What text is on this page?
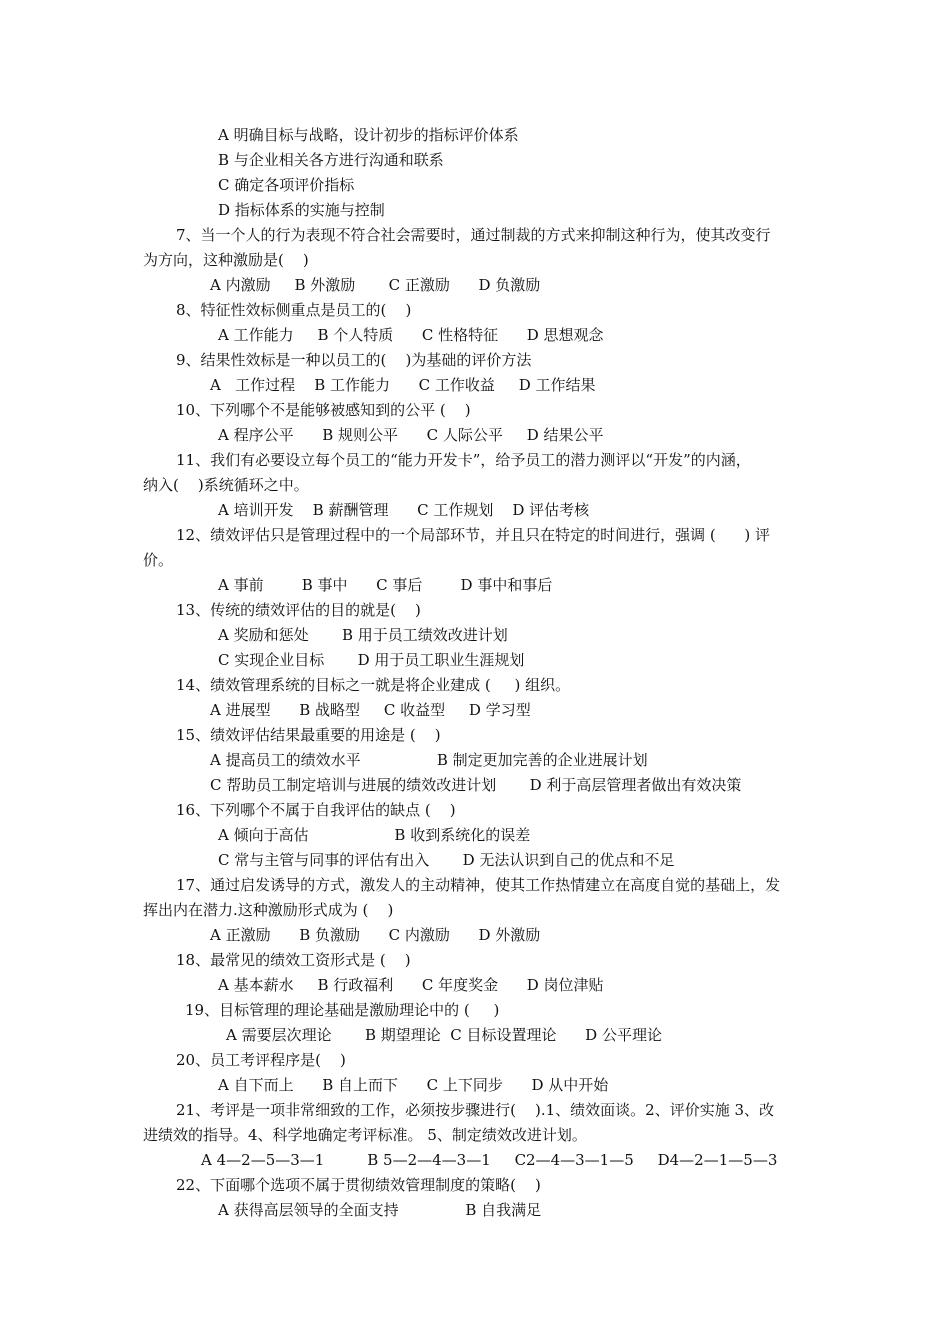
A 明确目标与战略，设计初步的指标评价体系
B 与企业相关各方进行沟通和联系
C 确定各项评价指标
D 指标体系的实施与控制
7、当一个人的行为表现不符合社会需要时，通过制裁的方式来抑制这种行为，使其改变行
为方向，这种激励是(    )
A 内激励     B 外激励       C 正激励      D 负激励
8、特征性效标侧重点是员工的(    )
A 工作能力     B 个人特质      C 性格特征      D 思想观念
9、结果性效标是一种以员工的(    )为基础的评价方法
A   工作过程    B 工作能力      C 工作收益     D 工作结果
10、下列哪个不是能够被感知到的公平 (    )
A 程序公平      B 规则公平      C 人际公平     D 结果公平
11、我们有必要设立每个员工的“能力开发卡”，给予员工的潜力测评以“开发”的内涵，
纳入(    )系统循环之中。
A 培训开发    B 薪酬管理      C 工作规划    D 评估考核
12、绩效评估只是管理过程中的一个局部环节，并且只在特定的时间进行，强调 (      ) 评
价。
A 事前        B 事中      C 事后        D 事中和事后
13、传统的绩效评估的目的就是(    )
A 奖励和惩处       B 用于员工绩效改进计划
C 实现企业目标       D 用于员工职业生涯规划
14、绩效管理系统的目标之一就是将企业建成 (     ) 组织。
A 进展型      B 战略型     C 收益型     D 学习型
15、绩效评估结果最重要的用途是 (    )
A 提高员工的绩效水平                B 制定更加完善的企业进展计划
C 帮助员工制定培训与进展的绩效改进计划       D 利于高层管理者做出有效决策
16、下列哪个不属于自我评估的缺点 (    )
A 倾向于高估                  B 收到系统化的误差
C 常与主管与同事的评估有出入       D 无法认识到自己的优点和不足
17、通过启发诱导的方式，激发人的主动精神，使其工作热情建立在高度自觉的基础上，发
挥出内在潜力.这种激励形式成为 (    )
A 正激励      B 负激励      C 内激励      D 外激励
18、最常见的绩效工资形式是 (    )
A 基本薪水     B 行政福利      C 年度奖金      D 岗位津贴
19、目标管理的理论基础是激励理论中的 (     )
A 需要层次理论       B 期望理论  C 目标设置理论      D 公平理论
20、员工考评程序是(    )
A 自下而上      B 自上而下      C 上下同步      D 从中开始
21、考评是一项非常细致的工作，必须按步骤进行(    ).1、绩效面谈。2、评价实施 3、改
进绩效的指导。4、科学地确定考评标准。 5、制定绩效改进计划。
A 4—2—5—3—1         B 5—2—4—3—1     C2—4—3—1—5     D4—2—1—5—3
22、下面哪个选项不属于贯彻绩效管理制度的策略(    )
A 获得高层领导的全面支持              B 自我满足
